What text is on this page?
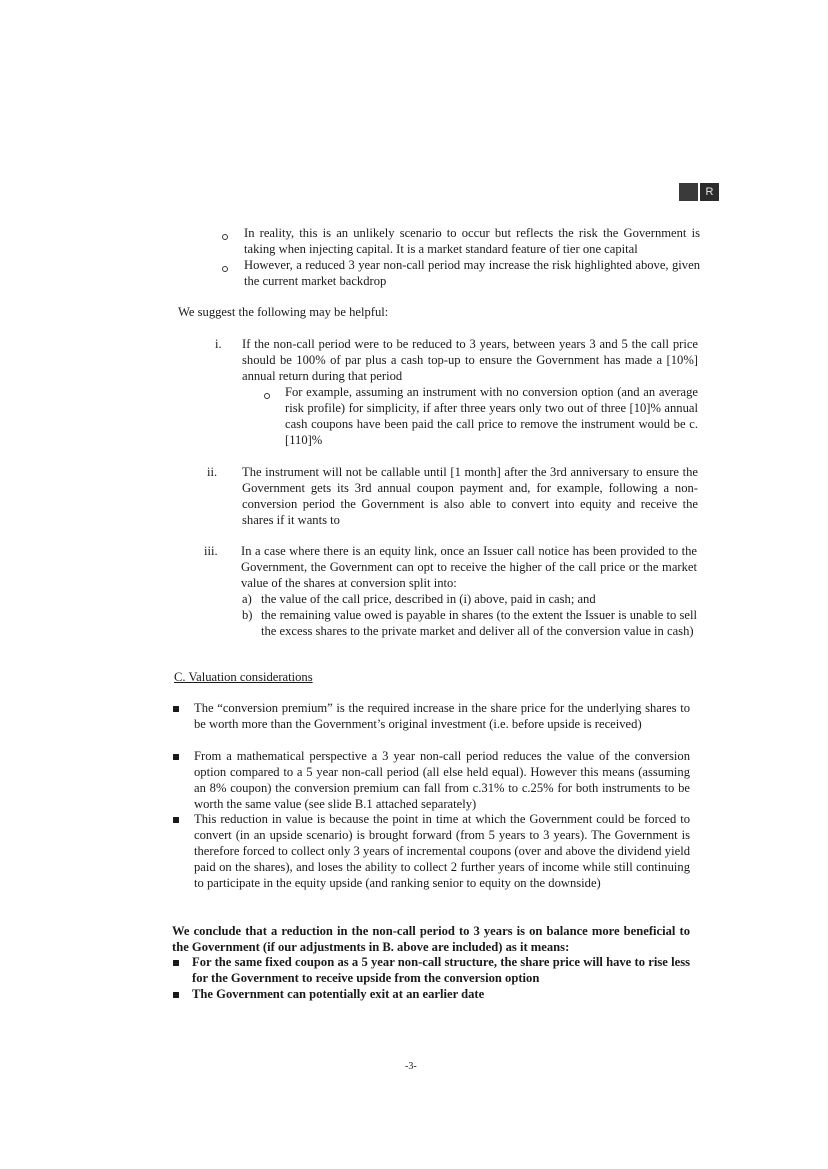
R
In reality, this is an unlikely scenario to occur but reflects the risk the Government is taking when injecting capital. It is a market standard feature of tier one capital
However, a reduced 3 year non-call period may increase the risk highlighted above, given the current market backdrop
We suggest the following may be helpful:
i. If the non-call period were to be reduced to 3 years, between years 3 and 5 the call price should be 100% of par plus a cash top-up to ensure the Government has made a [10%] annual return during that period
For example, assuming an instrument with no conversion option (and an average risk profile) for simplicity, if after three years only two out of three [10]% annual cash coupons have been paid the call price to remove the instrument would be c.[110]%
ii. The instrument will not be callable until [1 month] after the 3rd anniversary to ensure the Government gets its 3rd annual coupon payment and, for example, following a non-conversion period the Government is also able to convert into equity and receive the shares if it wants to
iii. In a case where there is an equity link, once an Issuer call notice has been provided to the Government, the Government can opt to receive the higher of the call price or the market value of the shares at conversion split into:
a) the value of the call price, described in (i) above, paid in cash; and
b) the remaining value owed is payable in shares (to the extent the Issuer is unable to sell the excess shares to the private market and deliver all of the conversion value in cash)
C. Valuation considerations
The “conversion premium” is the required increase in the share price for the underlying shares to be worth more than the Government’s original investment (i.e. before upside is received)
From a mathematical perspective a 3 year non-call period reduces the value of the conversion option compared to a 5 year non-call period (all else held equal). However this means (assuming an 8% coupon) the conversion premium can fall from c.31% to c.25% for both instruments to be worth the same value (see slide B.1 attached separately)
This reduction in value is because the point in time at which the Government could be forced to convert (in an upside scenario) is brought forward (from 5 years to 3 years). The Government is therefore forced to collect only 3 years of incremental coupons (over and above the dividend yield paid on the shares), and loses the ability to collect 2 further years of income while still continuing to participate in the equity upside (and ranking senior to equity on the downside)
We conclude that a reduction in the non-call period to 3 years is on balance more beneficial to the Government (if our adjustments in B. above are included) as it means:
For the same fixed coupon as a 5 year non-call structure, the share price will have to rise less for the Government to receive upside from the conversion option
The Government can potentially exit at an earlier date
-3-
